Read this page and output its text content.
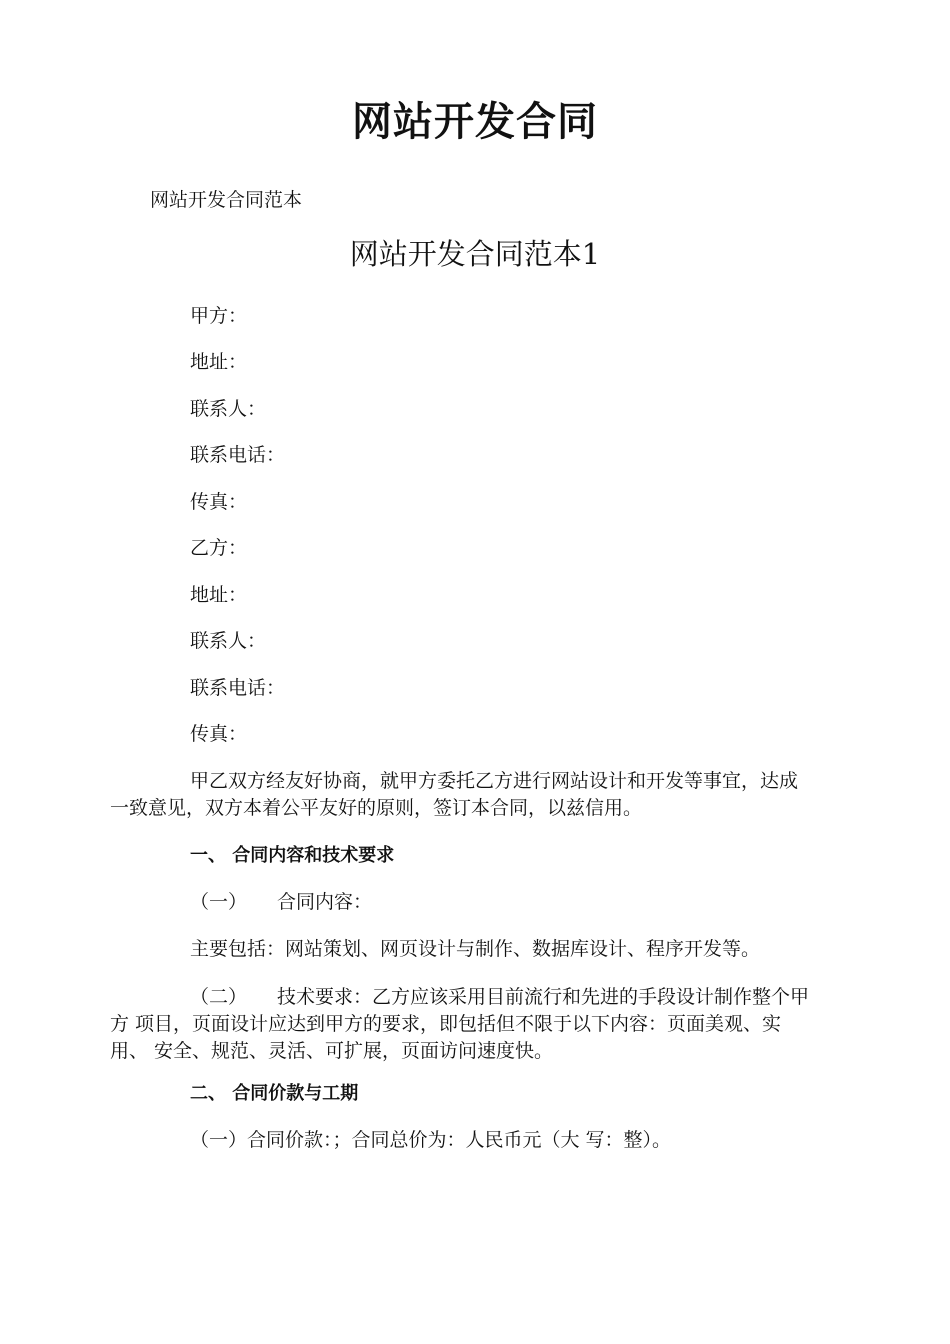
网站开发合同
网站开发合同范本
网站开发合同范本1
甲方：
地址：
联系人：
联系电话：
传真：
乙方：
地址：
联系人：
联系电话：
传真：
甲乙双方经友好协商，就甲方委托乙方进行网站设计和开发等事宜，达成
一致意见，双方本着公平友好的原则，签订本合同，以兹信用。
一、 合同内容和技术要求
（一） 合同内容：
主要包括：网站策划、网页设计与制作、数据库设计、程序开发等。
（二） 技术要求：乙方应该采用目前流行和先进的手段设计制作整个甲
方 项目，页面设计应达到甲方的要求，即包括但不限于以下内容：页面美观、实
用、 安全、规范、灵活、可扩展，页面访问速度快。
二、 合同价款与工期
（一）合同价款：；合同总价为：人民币元（大 写：整）。
